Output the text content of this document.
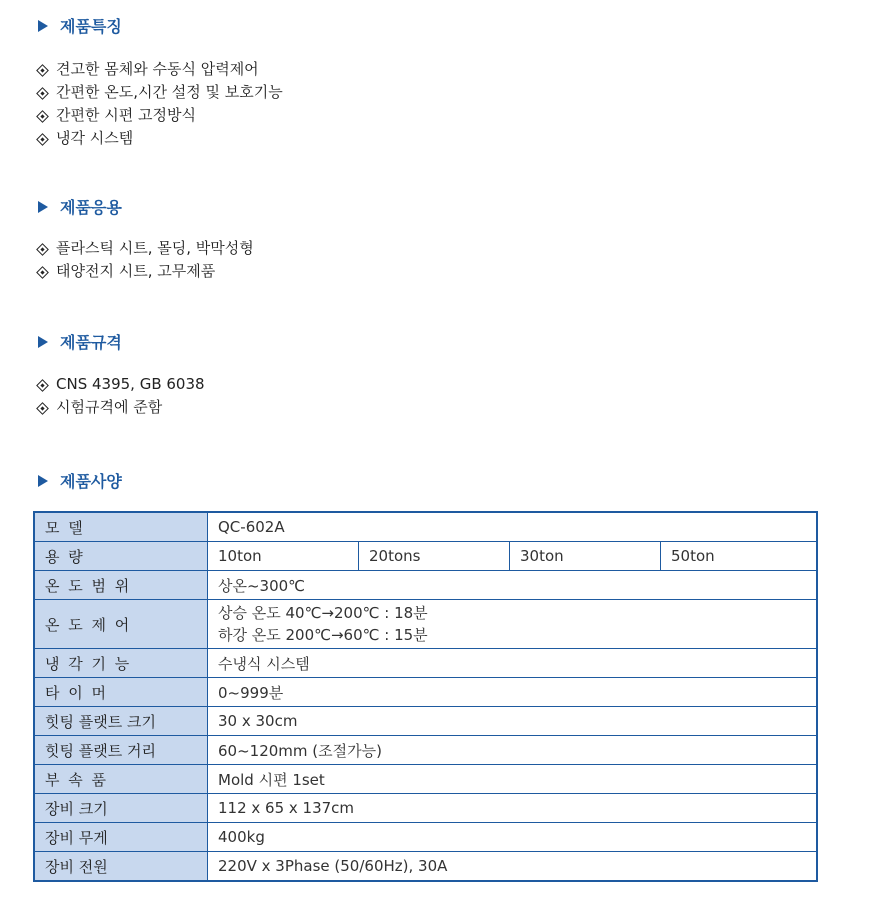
제품특징
견고한 몸체와 수동식 압력제어
간편한 온도,시간 설정 및 보호기능
간편한 시편 고정방식
냉각 시스템
제품응용
플라스틱 시트, 몰딩, 박막성형
태양전지 시트, 고무제품
제품규격
CNS 4395, GB 6038
시험규격에 준함
제품사양
모 델	QC-602A			
용 량	10ton	20tons	30ton	50ton
온 도 범 위	상온~300℃			
온 도 제 어	상승 온도 40℃→200℃ : 18분
하강 온도 200℃→60℃ : 15분			

냉 각 기 능	수냉식 시스템			
타 이 머	0~999분			
힛팅 플랫트 크기	30 x 30cm			
힛팅 플랫트 거리	60~120mm (조절가능)			
부 속 품	Mold 시편 1set			
장비 크기	112 x 65 x 137cm			
장비 무게	400kg			
장비 전원	220V x 3Phase (50/60Hz), 30A			
